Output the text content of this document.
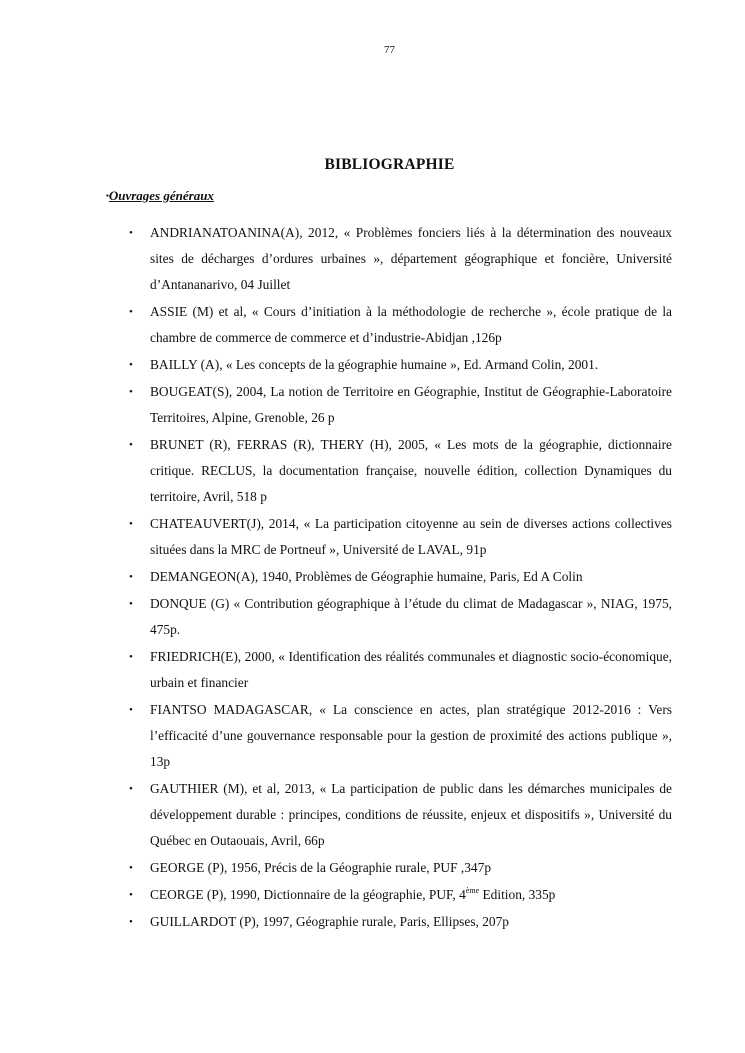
77
BIBLIOGRAPHIE
▪Ouvrages généraux
• ANDRIANATOANINA(A), 2012, « Problèmes fonciers liés à la détermination des nouveaux sites de décharges d’ordures urbaines », département géographique et foncière, Université d’Antananarivo, 04 Juillet
• ASSIE (M) et al, « Cours d’initiation à la méthodologie de recherche », école pratique de la chambre de commerce de commerce et d’industrie-Abidjan ,126p
• BAILLY (A), « Les concepts de la géographie humaine », Ed. Armand Colin, 2001.
• BOUGEAT(S), 2004, La notion de Territoire en Géographie, Institut de Géographie-Laboratoire Territoires, Alpine, Grenoble, 26 p
• BRUNET (R), FERRAS (R), THERY (H), 2005, « Les mots de la géographie, dictionnaire critique. RECLUS, la documentation française, nouvelle édition, collection Dynamiques du territoire, Avril, 518 p
• CHATEAUVERT(J), 2014, « La participation citoyenne au sein de diverses actions collectives situées dans la MRC de Portneuf », Université de LAVAL, 91p
• DEMANGEON(A), 1940, Problèmes de Géographie humaine, Paris, Ed A Colin
• DONQUE (G) « Contribution géographique à l’étude du climat de Madagascar », NIAG, 1975, 475p.
• FRIEDRICH(E), 2000, « Identification des réalités communales et diagnostic socio-économique, urbain et financier
• FIANTSO MADAGASCAR, « La conscience en actes, plan stratégique 2012-2016 : Vers l’efficacité d’une gouvernance responsable pour la gestion de proximité des actions publique », 13p
• GAUTHIER (M), et al, 2013, « La participation de public dans les démarches municipales de développement durable : principes, conditions de réussite, enjeux et dispositifs », Université du Québec en Outaouais, Avril, 66p
• GEORGE (P), 1956, Précis de la Géographie rurale, PUF ,347p
• CEORGE (P), 1990, Dictionnaire de la géographie, PUF, 4ème Edition, 335p
• GUILLARDOT (P), 1997, Géographie rurale, Paris, Ellipses, 207p
